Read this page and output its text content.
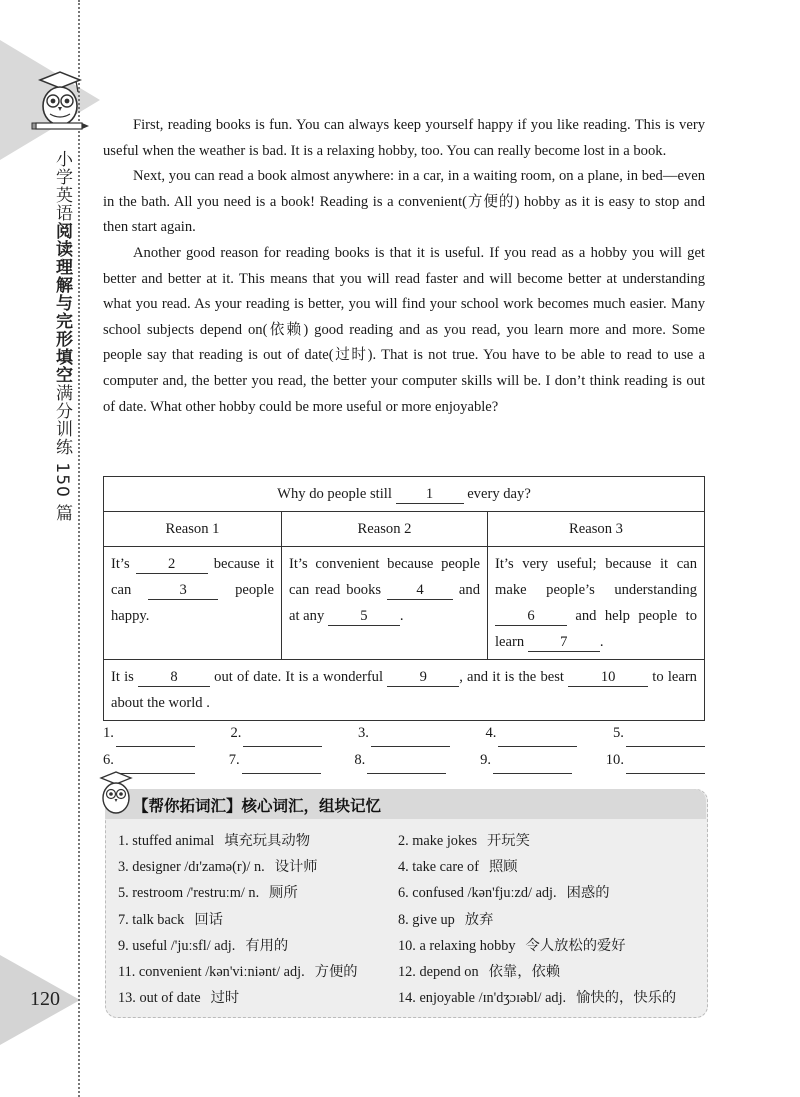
小学英语阅读理解与完形填空满分训练 150 篇
120

First, reading books is fun. You can always keep yourself happy if you like reading. This is very useful when the weather is bad. It is a relaxing hobby, too. You can really become lost in a book.

Next, you can read a book almost anywhere: in a car, in a waiting room, on a plane, in bed—even in the bath. All you need is a book! Reading is a convenient(方便的) hobby as it is easy to stop and then start again.

Another good reason for reading books is that it is useful. If you read as a hobby you will get better and better at it. This means that you will read faster and will become better at understanding what you read. As your reading is better, you will find your school work becomes much easier. Many school subjects depend on(依赖) good reading and as you read, you learn more and more. Some people say that reading is out of date(过时). That is not true. You have to be able to read to use a computer and, the better you read, the better your computer skills will be. I don’t think reading is out of date. What other hobby could be more useful or more enjoyable?

Why do people still 1 every day?		
Reason 1	Reason 2	Reason 3
It’s 2 because it can 3 people happy.	It’s convenient because people can read books 4 and at any 5 .	It’s very useful; because it can make people’s understanding 6 and help people to learn 7 .
It is 8 out of date. It is a wonderful 9 , and it is the best 10 to learn about the world .		
1.	2.	3.	4.	5.
6.	7.	8.	9.	10.
【帮你拓词汇】核心词汇，组块记忆
1. stuffed animal 填充玩具动物	2. make jokes 开玩笑
3. designer /dɪ'zamə(r)/ n. 设计师	4. take care of 照顾
5. restroom /'restruːm/ n. 厕所	6. confused /kən'fjuːzd/ adj. 困惑的
7. talk back 回话	8. give up 放弃
9. useful /'juːsfl/ adj. 有用的	10. a relaxing hobby 令人放松的爱好
11. convenient /kən'viːniənt/ adj. 方便的	12. depend on 依靠，依赖
13. out of date 过时	14. enjoyable /ɪn'dʒɔɪəbl/ adj. 愉快的，快乐的
